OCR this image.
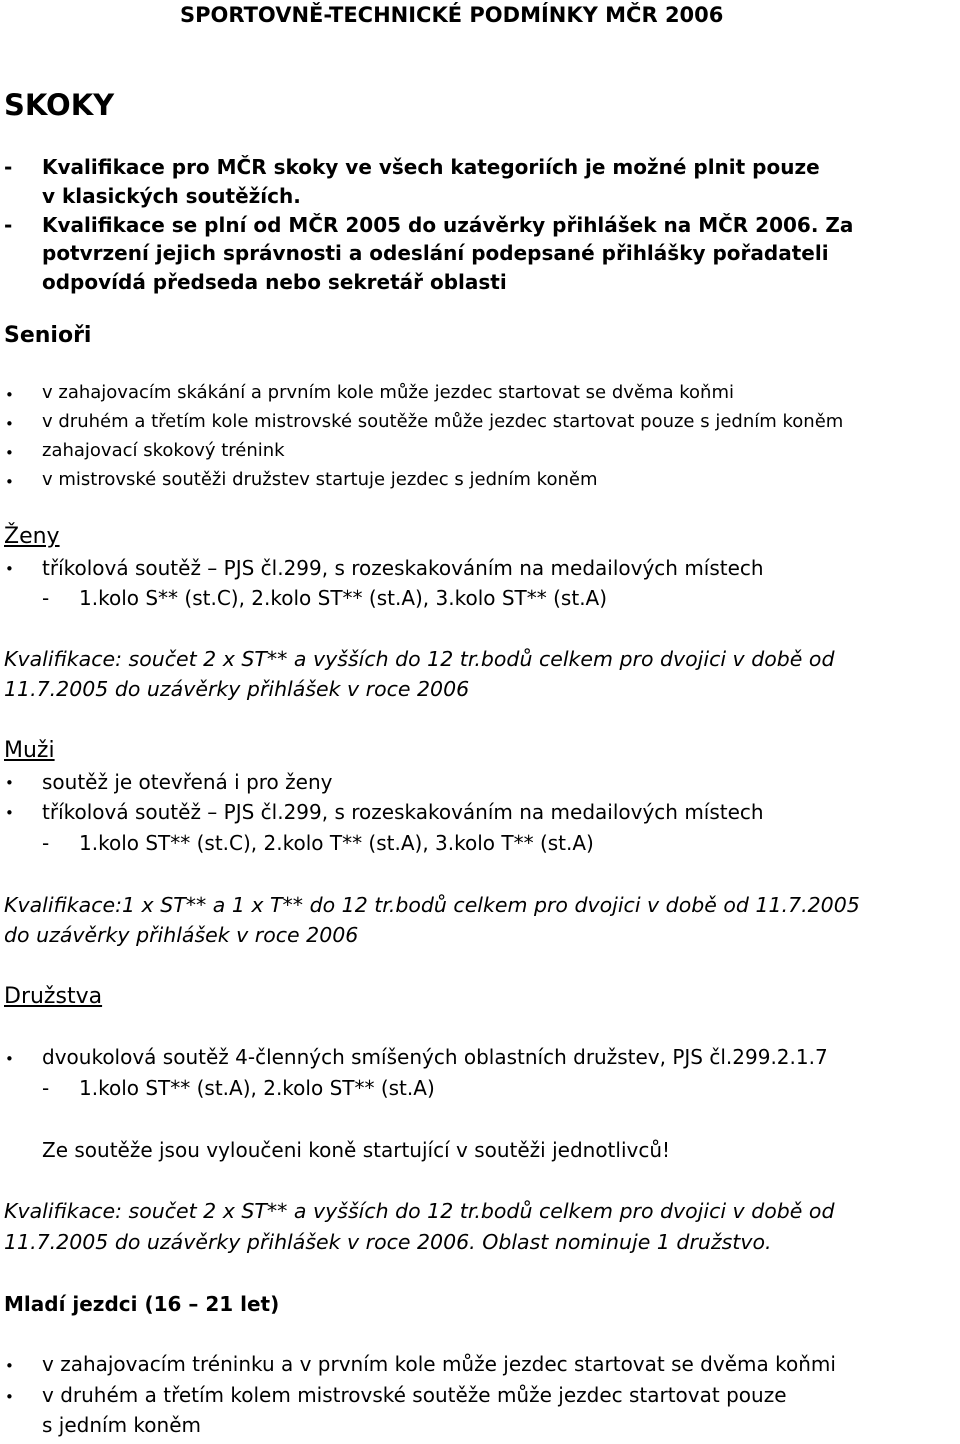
SPORTOVNĚ-TECHNICKÉ PODMÍNKY MČR 2006
SKOKY
- Kvalifikace pro MČR skoky ve všech kategoriích je možné plnit pouze
v klasických soutěžích.
- Kvalifikace se plní od MČR 2005 do uzávěrky přihlášek na MČR 2006. Za
potvrzení jejich správnosti a odeslání podepsané přihlášky pořadateli
odpovídá předseda nebo sekretář oblasti
Senioři
• v zahajovacím skákání a prvním kole může jezdec startovat se dvěma koňmi
• v druhém a třetím kole mistrovské soutěže může jezdec startovat pouze s jedním koněm
• zahajovací skokový trénink
• v mistrovské soutěži družstev startuje jezdec s jedním koněm
Ženy
• tříkolová soutěž – PJS čl.299, s rozeskakováním na medailových místech
- 1.kolo S** (st.C), 2.kolo ST** (st.A), 3.kolo ST** (st.A)
Kvalifikace: součet 2 x ST** a vyšších do 12 tr.bodů celkem pro dvojici v době od
11.7.2005 do uzávěrky přihlášek v roce 2006
Muži
• soutěž je otevřená i pro ženy
• tříkolová soutěž – PJS čl.299, s rozeskakováním na medailových místech
- 1.kolo ST** (st.C), 2.kolo T** (st.A), 3.kolo T** (st.A)
Kvalifikace:1 x ST** a 1 x T** do 12 tr.bodů celkem pro dvojici v době od 11.7.2005
do uzávěrky přihlášek v roce 2006
Družstva
• dvoukolová soutěž 4-členných smíšených oblastních družstev, PJS čl.299.2.1.7
- 1.kolo ST** (st.A), 2.kolo ST** (st.A)
Ze soutěže jsou vyloučeni koně startující v soutěži jednotlivců!
Kvalifikace: součet 2 x ST** a vyšších do 12 tr.bodů celkem pro dvojici v době od
11.7.2005 do uzávěrky přihlášek v roce 2006. Oblast nominuje 1 družstvo.
Mladí jezdci (16 – 21 let)
• v zahajovacím tréninku a v prvním kole může jezdec startovat se dvěma koňmi
• v druhém a třetím kolem mistrovské soutěže může jezdec startovat pouze
s jedním koněm
